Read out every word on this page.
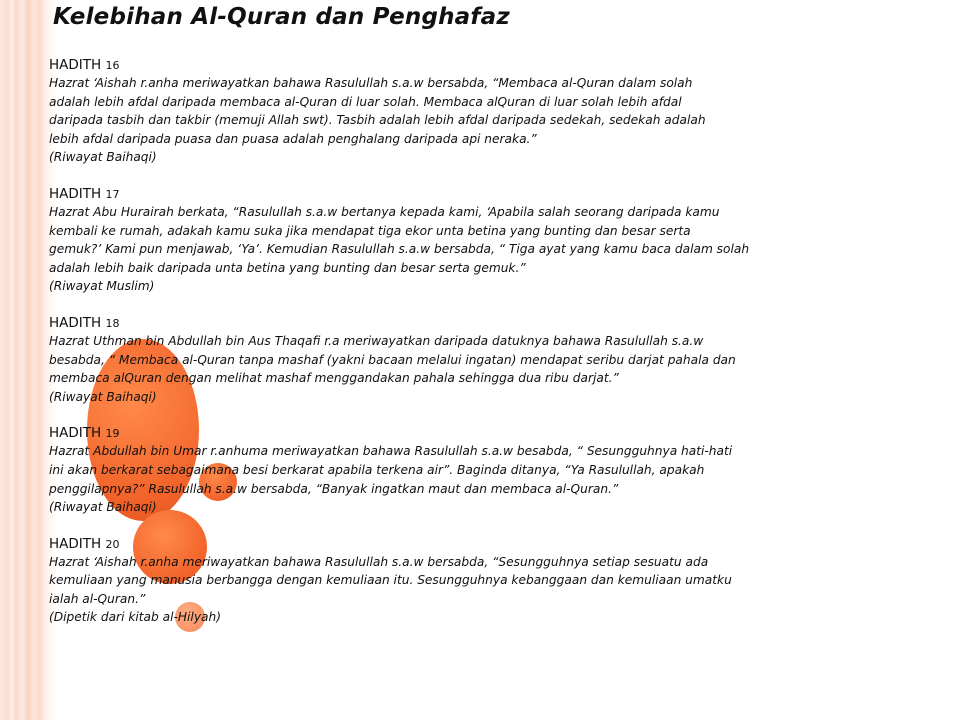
Kelebihan Al-Quran dan Penghafaz
HADITH 16
Hazrat ‘Aishah r.anha meriwayatkan bahawa Rasulullah s.a.w bersabda, “Membaca al-Quran dalam solah
adalah lebih afdal daripada membaca al-Quran di luar solah. Membaca alQuran di luar solah lebih afdal
daripada tasbih dan takbir (memuji Allah swt). Tasbih adalah lebih afdal daripada sedekah, sedekah adalah
lebih afdal daripada puasa dan puasa adalah penghalang daripada api neraka.”
(Riwayat Baihaqi)
HADITH 17
Hazrat Abu Hurairah berkata, “Rasulullah s.a.w bertanya kepada kami, ‘Apabila salah seorang daripada kamu
kembali ke rumah, adakah kamu suka jika mendapat tiga ekor unta betina yang bunting dan besar serta
gemuk?’ Kami pun menjawab, ‘Ya’. Kemudian Rasulullah s.a.w bersabda, “ Tiga ayat yang kamu baca dalam solah
adalah lebih baik daripada unta betina yang bunting dan besar serta gemuk.”
(Riwayat Muslim)
HADITH 18
Hazrat Uthman bin Abdullah bin Aus Thaqafi r.a meriwayatkan daripada datuknya bahawa Rasulullah s.a.w
besabda, “ Membaca al-Quran tanpa mashaf (yakni bacaan melalui ingatan) mendapat seribu darjat pahala dan
membaca alQuran dengan melihat mashaf menggandakan pahala sehingga dua ribu darjat.”
(Riwayat Baihaqi)
HADITH 19
Hazrat Abdullah bin Umar r.anhuma meriwayatkan bahawa Rasulullah s.a.w besabda, “ Sesungguhnya hati-hati
ini akan berkarat sebagaimana besi berkarat apabila terkena air”. Baginda ditanya, “Ya Rasulullah, apakah
penggilapnya?” Rasulullah s.a.w bersabda, “Banyak ingatkan maut dan membaca al-Quran.”
(Riwayat Baihaqi)
HADITH 20
Hazrat ‘Aishah r.anha meriwayatkan bahawa Rasulullah s.a.w bersabda, “Sesungguhnya setiap sesuatu ada
kemuliaan yang manusia berbangga dengan kemuliaan itu. Sesungguhnya kebanggaan dan kemuliaan umatku
ialah al-Quran.”
(Dipetik dari kitab al-Hilyah)
